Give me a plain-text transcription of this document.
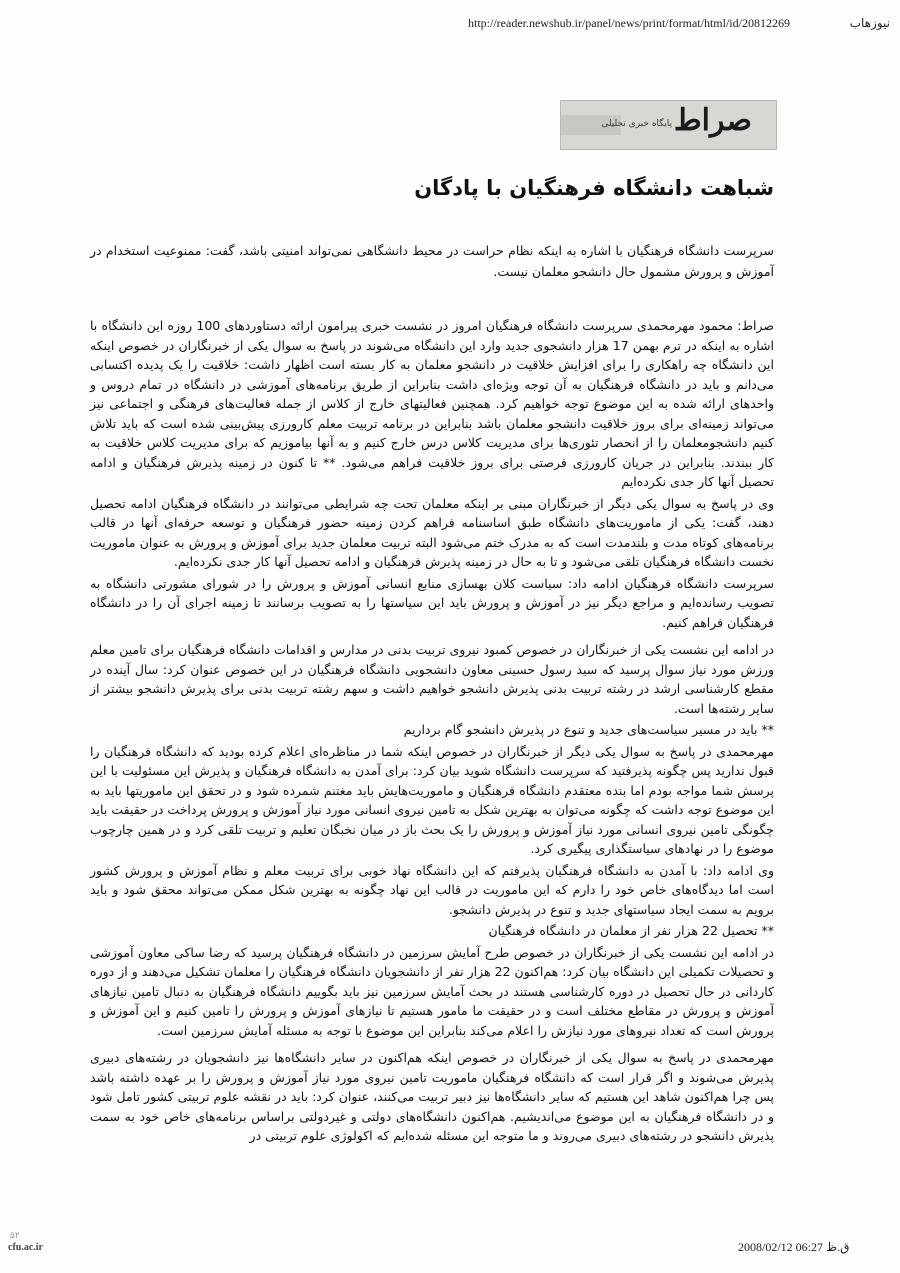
http://reader.newshub.ir/panel/news/print/format/html/id/20812269	نیوزهاب
صراط
پایگاه خبری تحلیلی
شباهت دانشگاه فرهنگیان با پادگان

سرپرست دانشگاه فرهنگیان با اشاره به اینکه نظام حراست در محیط دانشگاهی نمی‌تواند امنیتی باشد، گفت: ممنوعیت استخدام در آموزش و پرورش مشمول حال دانشجو معلمان نیست.

صراط: محمود مهرمحمدی سرپرست دانشگاه فرهنگیان امروز در نشست خبری پیرامون ارائه دستاوردهای 100 روزه این دانشگاه با اشاره به اینکه در ترم بهمن 17 هزار دانشجوی جدید وارد این دانشگاه می‌شوند در پاسخ به سوال یکی از خبرنگاران در خصوص اینکه این دانشگاه چه راهکاری را برای افزایش خلاقیت در دانشجو معلمان به کار بسته است اظهار داشت: خلاقیت را یک پدیده اکتسابی می‌دانم و باید در دانشگاه فرهنگیان به آن توجه ویژه‌ای داشت بنابراین از طریق برنامه‌های آموزشی در دانشگاه در تمام دروس و واحدهای ارائه شده به این موضوع توجه خواهیم کرد. همچنین فعالیتهای خارج از کلاس از جمله فعالیت‌های فرهنگی و اجتماعی نیز می‌تواند زمینه‌ای برای بروز خلاقیت دانشجو معلمان باشد بنابراین در برنامه تربیت معلم کارورزی پیش‌بینی شده است که باید تلاش کنیم دانشجومعلمان را از انحصار تئوری‌ها برای مدیریت کلاس درس خارج کنیم و به آنها بیاموزیم که برای مدیریت کلاس خلاقیت به کار ببندند. بنابراین در جریان کارورزی فرصتی برای بروز خلاقیت فراهم می‌شود. ** تا کنون در زمینه پذیرش فرهنگیان و ادامه تحصیل آنها کار جدی نکرده‌ایم

وی در پاسخ به سوال یکی دیگر از خبرنگاران مبنی بر اینکه معلمان تحت چه شرایطی می‌توانند در دانشگاه فرهنگیان ادامه تحصیل دهند، گفت: یکی از ماموریت‌های دانشگاه طبق اساسنامه فراهم کردن زمینه حضور فرهنگیان و توسعه حرفه‌ای آنها در قالب برنامه‌های کوتاه مدت و بلندمدت است که به مدرک ختم می‌شود البته تربیت معلمان جدید برای آموزش و پرورش به عنوان ماموریت نخست دانشگاه فرهنگیان تلقی می‌شود و تا به حال در زمینه پذیرش فرهنگیان و ادامه تحصیل آنها کار جدی نکرده‌ایم.

سرپرست دانشگاه فرهنگیان ادامه داد: سیاست کلان بهسازی منابع انسانی آموزش و پرورش را در شورای مشورتی دانشگاه به تصویب رسانده‌ایم و مراجع دیگر نیز در آموزش و پرورش باید این سیاستها را به تصویب برسانند تا زمینه اجرای آن را در دانشگاه فرهنگیان فراهم کنیم.

در ادامه این نشست یکی از خبرنگاران در خصوص کمبود نیروی تربیت بدنی در مدارس و اقدامات دانشگاه فرهنگیان برای تامین معلم ورزش مورد نیاز سوال پرسید که سید رسول حسینی معاون دانشجویی دانشگاه فرهنگیان در این خصوص عنوان کرد: سال آینده در مقطع کارشناسی ارشد در رشته تربیت بدنی پذیرش دانشجو خواهیم داشت و سهم رشته تربیت بدنی برای پذیرش دانشجو بیشتر از سایر رشته‌ها است.

** باید در مسیر سیاست‌های جدید و تنوع در پذیرش دانشجو گام برداریم

مهرمحمدی در پاسخ به سوال یکی دیگر از خبرنگاران در خصوص اینکه شما در مناظره‌ای اعلام کرده بودید که دانشگاه فرهنگیان را قبول ندارید پس چگونه پذیرفتید که سرپرست دانشگاه شوید بیان کرد: برای آمدن به دانشگاه فرهنگیان و پذیرش این مسئولیت با این پرسش شما مواجه بودم اما بنده معتقدم دانشگاه فرهنگیان و ماموریت‌هایش باید مغتنم شمرده شود و در تحقق این ماموریتها باید به این موضوع توجه داشت که چگونه می‌توان به بهترین شکل به تامین نیروی انسانی مورد نیاز آموزش و پرورش پرداخت در حقیقت باید چگونگی تامین نیروی انسانی مورد نیاز آموزش و پرورش را یک بحث باز در میان نخبگان تعلیم و تربیت تلقی کرد و در همین چارچوب موضوع را در نهادهای سیاستگذاری پیگیری کرد.

وی ادامه داد: با آمدن به دانشگاه فرهنگیان پذیرفتم که این دانشگاه نهاد خوبی برای تربیت معلم و نظام آموزش و پرورش کشور است اما دیدگاه‌های خاص خود را دارم که این ماموریت در قالب این نهاد چگونه به بهترین شکل ممکن می‌تواند محقق شود و باید برویم به سمت ایجاد سیاستهای جدید و تنوع در پذیرش دانشجو.

** تحصیل 22 هزار نفر از معلمان در دانشگاه فرهنگیان

در ادامه این نشست یکی از خبرنگاران در خصوص طرح آمایش سرزمین در دانشگاه فرهنگیان پرسید که رضا ساکی معاون آموزشی و تحصیلات تکمیلی این دانشگاه بیان کرد: هم‌اکنون 22 هزار نفر از دانشجویان دانشگاه فرهنگیان را معلمان تشکیل می‌دهند و از دوره کاردانی در حال تحصیل در دوره کارشناسی هستند در بحث آمایش سرزمین نیز باید بگوییم دانشگاه فرهنگیان به دنبال تامین نیازهای آموزش و پرورش در مقاطع مختلف است و در حقیقت ما مامور هستیم تا نیازهای آموزش و پرورش را تامین کنیم و این آموزش و پرورش است که تعداد نیروهای مورد نیازش را اعلام می‌کند بنابراین این موضوع با توجه به مسئله آمایش سرزمین است.

مهرمحمدی در پاسخ به سوال یکی از خبرنگاران در خصوص اینکه هم‌اکنون در سایر دانشگاه‌ها نیز دانشجویان در رشته‌های دبیری پذیرش می‌شوند و اگر قرار است که دانشگاه فرهنگیان ماموریت تامین نیروی مورد نیاز آموزش و پرورش را بر عهده داشته باشد پس چرا هم‌اکنون شاهد این هستیم که سایر دانشگاه‌ها نیز دبیر تربیت می‌کنند، عنوان کرد: باید در نقشه علوم تربیتی کشور تامل شود و در دانشگاه فرهنگیان به این موضوع می‌اندیشیم. هم‌اکنون دانشگاه‌های دولتی و غیردولتی براساس برنامه‌های خاص خود به سمت پذیرش دانشجو در رشته‌های دبیری می‌روند و ما متوجه این مسئله شده‌ایم که اکولوژی علوم تربیتی در

۵۲
cfu.ac.ir	ق.ظ 06:27 2008/02/12
